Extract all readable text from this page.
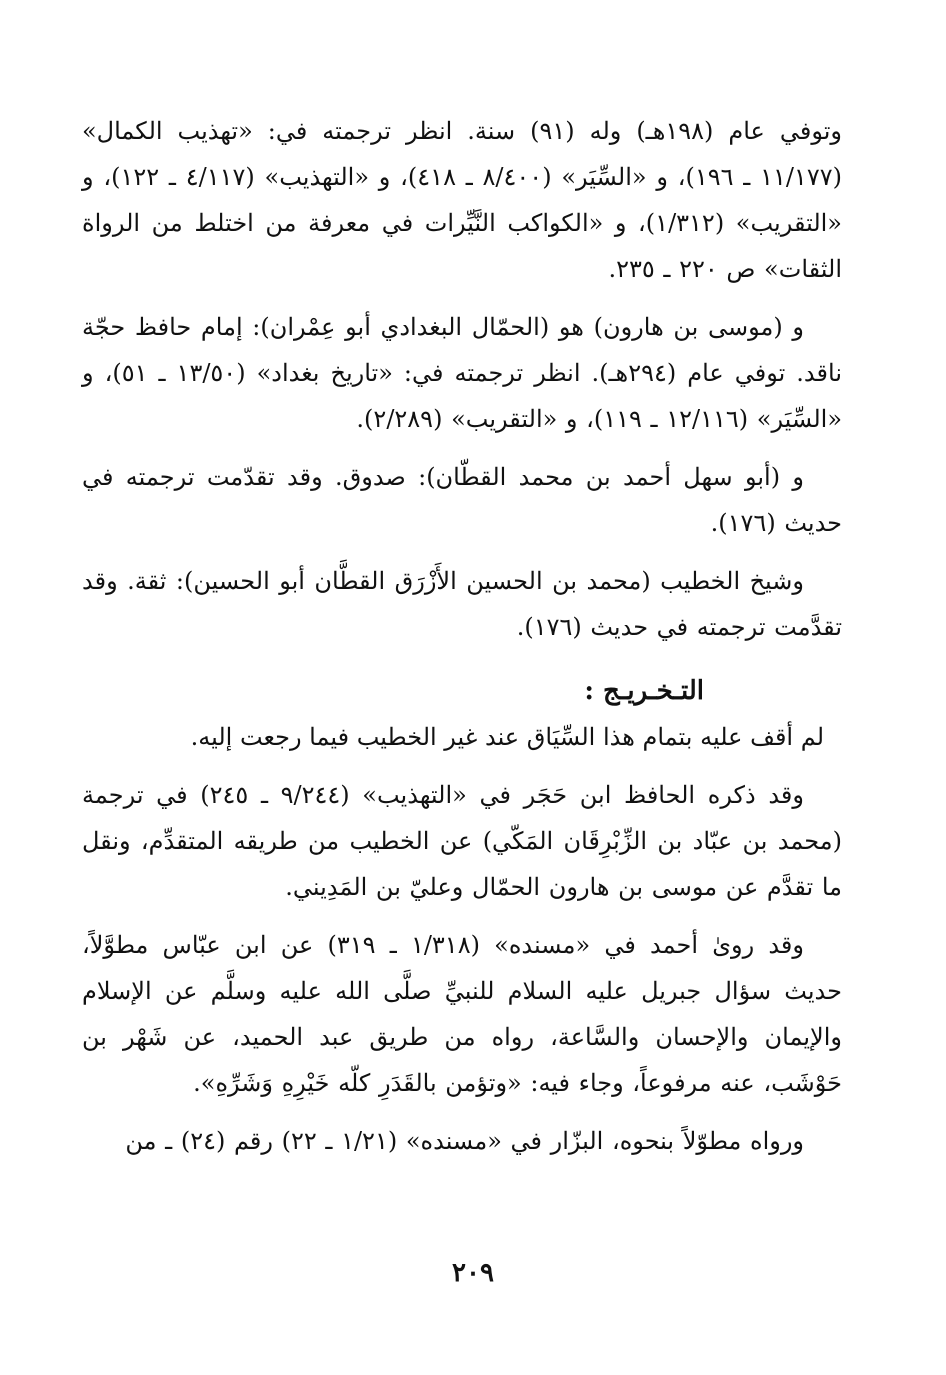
وتوفي عام (١٩٨هـ) وله (٩١) سنة. انظر ترجمته في: «تهذيب الكمال» (١١/١٧٧ ـ ١٩٦)، و «السِّيَر» (٨/٤٠٠ ـ ٤١٨)، و «التهذيب» (٤/١١٧ ـ ١٢٢)، و «التقريب» (١/٣١٢)، و «الكواكب النَّيِّرات في معرفة من اختلط من الرواة الثقات» ص ٢٢٠ ـ ٢٣٥.

و (موسى بن هارون) هو (الحمّال البغدادي أبو عِمْران): إمام حافظ حجّة ناقد. توفي عام (٢٩٤هـ). انظر ترجمته في: «تاريخ بغداد» (١٣/٥٠ ـ ٥١)، و «السِّيَر» (١٢/١١٦ ـ ١١٩)، و «التقريب» (٢/٢٨٩).

و (أبو سهل أحمد بن محمد القطّان): صدوق. وقد تقدّمت ترجمته في حديث (١٧٦).

وشيخ الخطيب (محمد بن الحسين الأَزْرَق القطَّان أبو الحسين): ثقة. وقد تقدَّمت ترجمته في حديث (١٧٦).

التـخـريـج :

لم أقف عليه بتمام هذا السِّيَاق عند غير الخطيب فيما رجعت إليه.

وقد ذكره الحافظ ابن حَجَر في «التهذيب» (٩/٢٤٤ ـ ٢٤٥) في ترجمة (محمد بن عبّاد بن الزِّبْرِقَان المَكّي) عن الخطيب من طريقه المتقدِّم، ونقل ما تقدَّم عن موسى بن هارون الحمّال وعليّ بن المَدِيني.

وقد روىٰ أحمد في «مسنده» (١/٣١٨ ـ ٣١٩) عن ابن عبّاس مطوَّلاً، حديث سؤال جبريل عليه السلام للنبيِّ صلَّى الله عليه وسلَّم عن الإسلام والإيمان والإحسان والسَّاعة، رواه من طريق عبد الحميد، عن شَهْر بن حَوْشَب، عنه مرفوعاً، وجاء فيه: «وتؤمن بالقَدَرِ كلّه خَيْرِهِ وَشَرِّهِ».

ورواه مطوّلاً بنحوه، البزّار في «مسنده» (١/٢١ ـ ٢٢) رقم (٢٤) ـ من

٢٠٩
